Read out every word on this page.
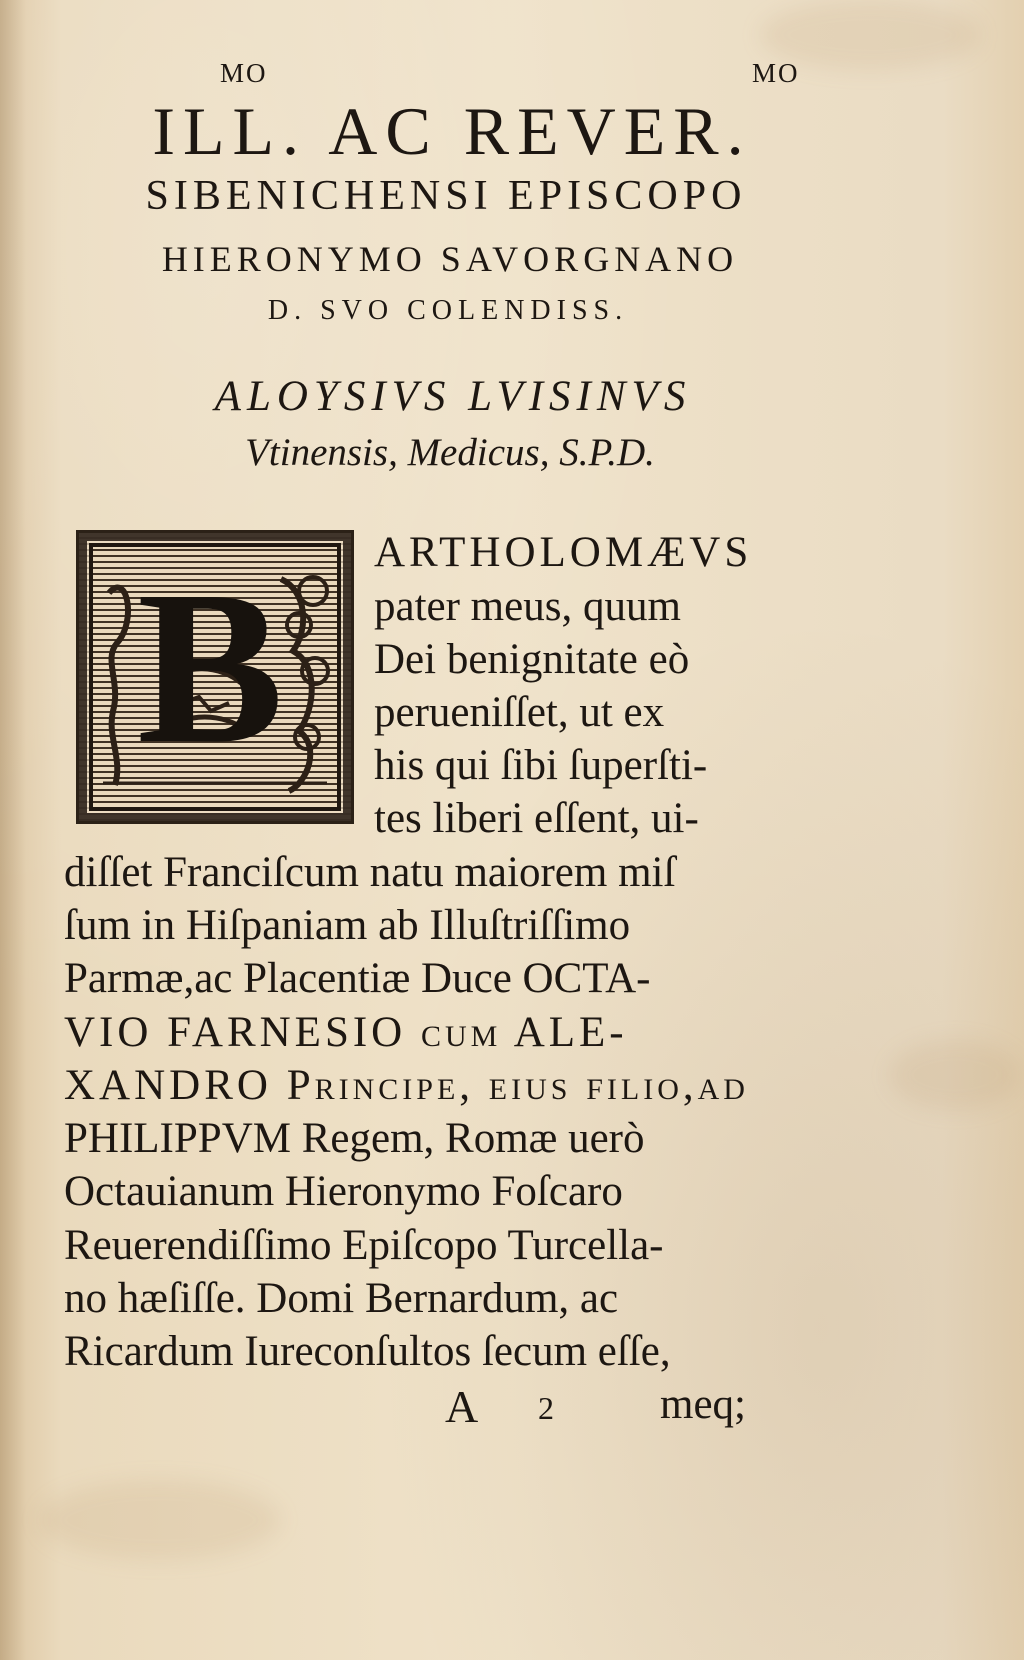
MO	MO
ILL. AC REVER.
SIBENICHENSI EPISCOPO
HIERONYMO SAVORGNANO
D. SVO COLENDISS.
ALOYSIVS LVISINVS
Vtinensis, Medicus, S.P.D.
B ARTHOLOMÆVS
pater meus, quum
Dei benignitate eò
perueniſſet, ut ex
his qui ſibi ſuperſti-
tes liberi eſſent, ui-
diſſet Franciſcum natu maiorem miſ
ſum in Hiſpaniam ab Illuſtriſſimo
Parmæ,ac Placentiæ Duce OCTA-
VIO FARNESIO cum ALE-
XANDRO Principe, eius filio,ad
PHILIPPVM Regem, Romæ uerò
Octauianum Hieronymo Foſcaro
Reuerendiſſimo Epiſcopo Turcella-
no hæſiſſe. Domi Bernardum, ac
Ricardum Iureconſultos ſecum eſſe,
A 2 meq;
